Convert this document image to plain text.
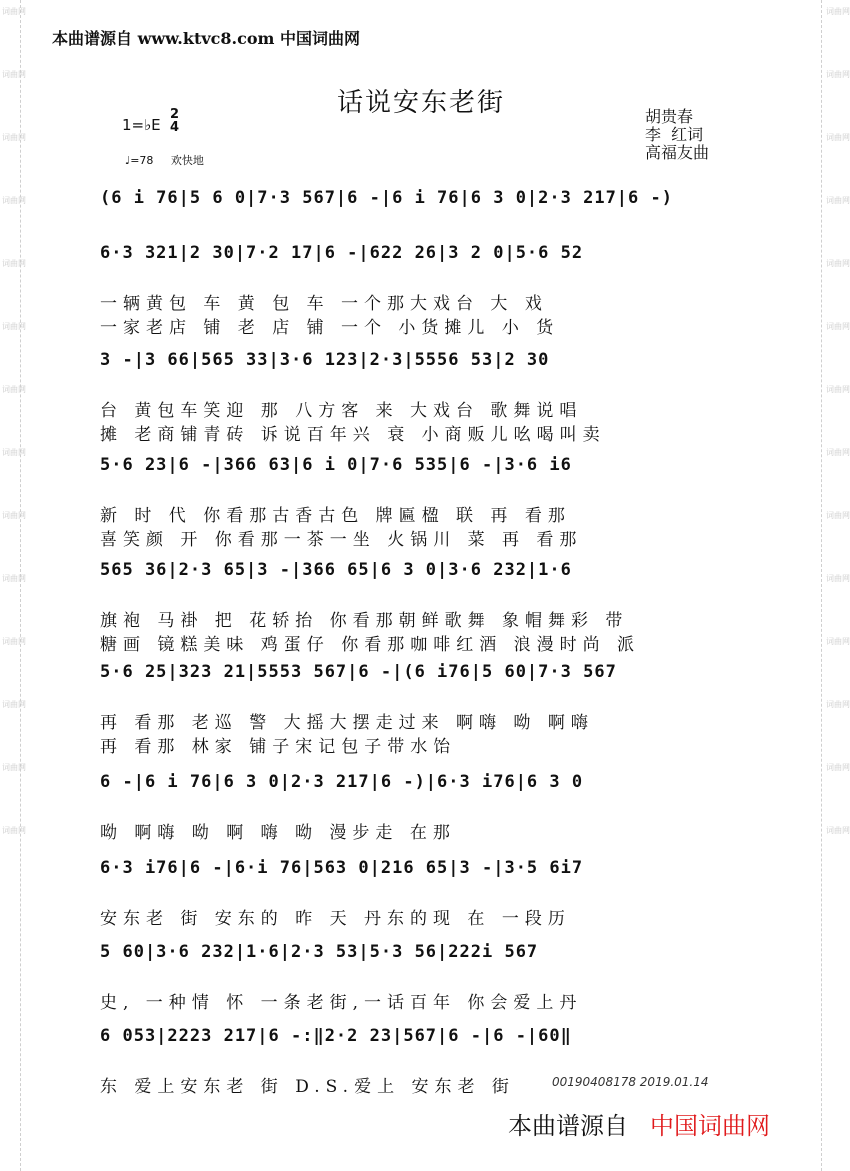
词曲网
词曲网
词曲网
词曲网
词曲网
词曲网
词曲网
词曲网
词曲网
词曲网
词曲网
词曲网
词曲网
词曲网
词曲网
词曲网
词曲网
词曲网
词曲网
词曲网
词曲网
词曲网
词曲网
词曲网
词曲网
词曲网
词曲网
词曲网
本曲谱源自 www.ktvc8.com 中国词曲网
话说安东老街
1=♭E
2
4
♩=78 欢快地
胡贵春
李  红词
高福友曲
(6 i 76|5 6 0|7·3 567|6 -|6 i 76|6 3 0|2·3 217|6 -)
6·3 321|2 30|7·2 17|6 -|622 26|3 2 0|5·6 52
一辆黄包 车 黄 包 车 一个那大戏台 大 戏
一家老店 铺 老 店 铺 一个 小货摊儿 小 货
3 -|3 66|565 33|3·6 123|2·3|5556 53|2 30
台 黄包车笑迎 那 八方客 来 大戏台 歌舞说唱
摊 老商铺青砖 诉说百年兴 衰 小商贩儿吆喝叫卖
5·6 23|6 -|366 63|6 i 0|7·6 535|6 -|3·6 i6
新 时 代 你看那古香古色 牌匾楹 联 再 看那
喜笑颜 开 你看那一茶一坐 火锅川 菜 再 看那
565 36|2·3 65|3 -|366 65|6 3 0|3·6 232|1·6
旗袍 马褂 把 花轿抬 你看那朝鲜歌舞 象帽舞彩 带
糖画 镜糕美味 鸡蛋仔 你看那咖啡红酒 浪漫时尚 派
5·6 25|323 21|5553 567|6 -|(6 i76|5 60|7·3 567
再 看那 老巡 警 大摇大摆走过来 啊嗨 呦 啊嗨
再 看那 林家 铺子宋记包子带水饴
6 -|6 i 76|6 3 0|2·3 217|6 -)|6·3 i76|6 3 0
呦 啊嗨 呦 啊 嗨 呦 漫步走 在那
6·3 i76|6 -|6·i 76|563 0|216 65|3 -|3·5 6i7
安东老 街 安东的 昨 天 丹东的现 在 一段历
5 60|3·6 232|1·6|2·3 53|5·3 56|222i 567
史, 一种情 怀 一条老街,一话百年 你会爱上丹
6 053|2223 217|6 -:‖2·2 23|567|6 -|6 -|60‖
东 爱上安东老 街 D.S.爱上 安东老 街	00190408178 2019.01.14
本曲谱源自 中国词曲网
